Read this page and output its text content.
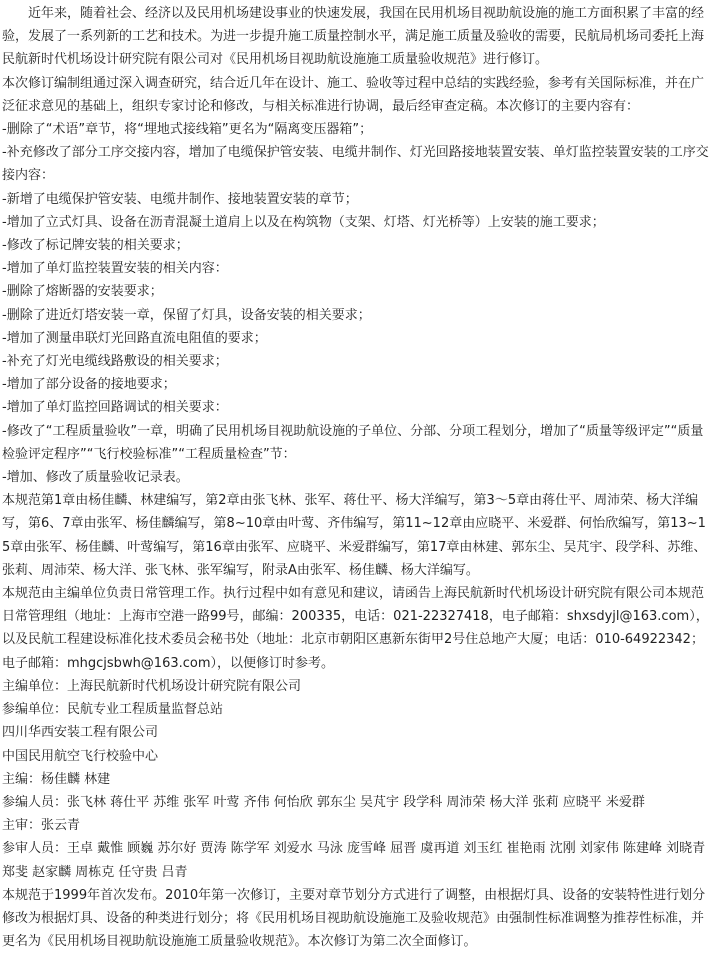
近年来，随着社会、经济以及民用机场建设事业的快速发展，我国在民用机场目视助航设施的施工方面积累了丰富的经验，发展了一系列新的工艺和技术。为进一步提升施工质量控制水平，满足施工质量及验收的需要，民航局机场司委托上海民航新时代机场设计研究院有限公司对《民用机场目视助航设施施工质量验收规范》进行修订。

本次修订编制组通过深入调查研究，结合近几年在设计、施工、验收等过程中总结的实践经验，参考有关国际标准，并在广泛征求意见的基础上，组织专家讨论和修改，与相关标准进行协调，最后经审查定稿。本次修订的主要内容有：

-删除了“术语”章节，将“埋地式接线箱”更名为“隔离变压器箱”；

-补充修改了部分工序交接内容，增加了电缆保护管安装、电缆井制作、灯光回路接地装置安装、单灯监控装置安装的工序交接内容：

-新增了电缆保护管安装、电缆井制作、接地装置安装的章节；

-增加了立式灯具、设备在沥青混凝土道肩上以及在构筑物（支架、灯塔、灯光桥等）上安装的施工要求；

-修改了标记牌安装的相关要求；

-增加了单灯监控装置安装的相关内容：

-删除了熔断器的安装要求；

-删除了进近灯塔安装一章，保留了灯具，设备安装的相关要求；

-增加了测量串联灯光回路直流电阻值的要求；

-补充了灯光电缆线路敷设的相关要求；

-增加了部分设备的接地要求；

-增加了单灯监控回路调试的相关要求：

-修改了“工程质量验收”一章，明确了民用机场目视助航设施的子单位、分部、分项工程划分，增加了“质量等级评定”“质量检验评定程序”“飞行校验标准”“工程质量检查”节：

-增加、修改了质量验收记录表。

本规范第1章由杨佳麟、林建编写，第2章由张飞林、张军、蒋仕平、杨大洋编写，第3～5章由蒋仕平、周沛荣、杨大洋编写，第6、7章由张军、杨佳麟编写，第8~10章由叶莺、齐伟编写，第11~12章由应晓平、米爱群、何怡欣编写，第13~15章由张军、杨佳麟、叶莺编写，第16章由张军、应晓平、米爱群编写，第17章由林建、郭东尘、吴芃宇、段学科、苏维、张莉、周沛荣、杨大洋、张飞林、张军编写，附录A由张军、杨佳麟、杨大洋编写。

本规范由主编单位负责日常管理工作。执行过程中如有意见和建议，请函告上海民航新时代机场设计研究院有限公司本规范日常管理组（地址：上海市空港一路99号，邮编：200335，电话：021-22327418，电子邮箱：shxsdyjl@163.com），以及民航工程建设标准化技术委员会秘书处（地址：北京市朝阳区惠新东街甲2号住总地产大厦；电话：010-64922342；电子邮箱：mhgcjsbwh@163.com），以便修订时参考。

主编单位：上海民航新时代机场设计研究院有限公司

参编单位：民航专业工程质量监督总站

四川华西安装工程有限公司

中国民用航空飞行校验中心

主编：杨佳麟 林建

参编人员：张飞林 蒋仕平 苏维 张军 叶莺 齐伟 何怡欣 郭东尘 吴芃宇 段学科 周沛荣 杨大洋 张莉 应晓平 米爱群

主审：张云青

参审人员：王卓 戴惟 顾巍 苏尔好 贾涛 陈学军 刘爱水 马泳 庞雪峰 屈晋 虞再道 刘玉红 崔艳雨 沈刚 刘家伟 陈建峰 刘晓青 郑斐 赵家麟 周栋克 任守贵 吕青

本规范于1999年首次发布。2010年第一次修订，主要对章节划分方式进行了调整，由根据灯具、设备的安装特性进行划分修改为根据灯具、设备的种类进行划分；将《民用机场目视助航设施施工及验收规范》由强制性标准调整为推荐性标准，并更名为《民用机场目视助航设施施工质量验收规范》。本次修订为第二次全面修订。
